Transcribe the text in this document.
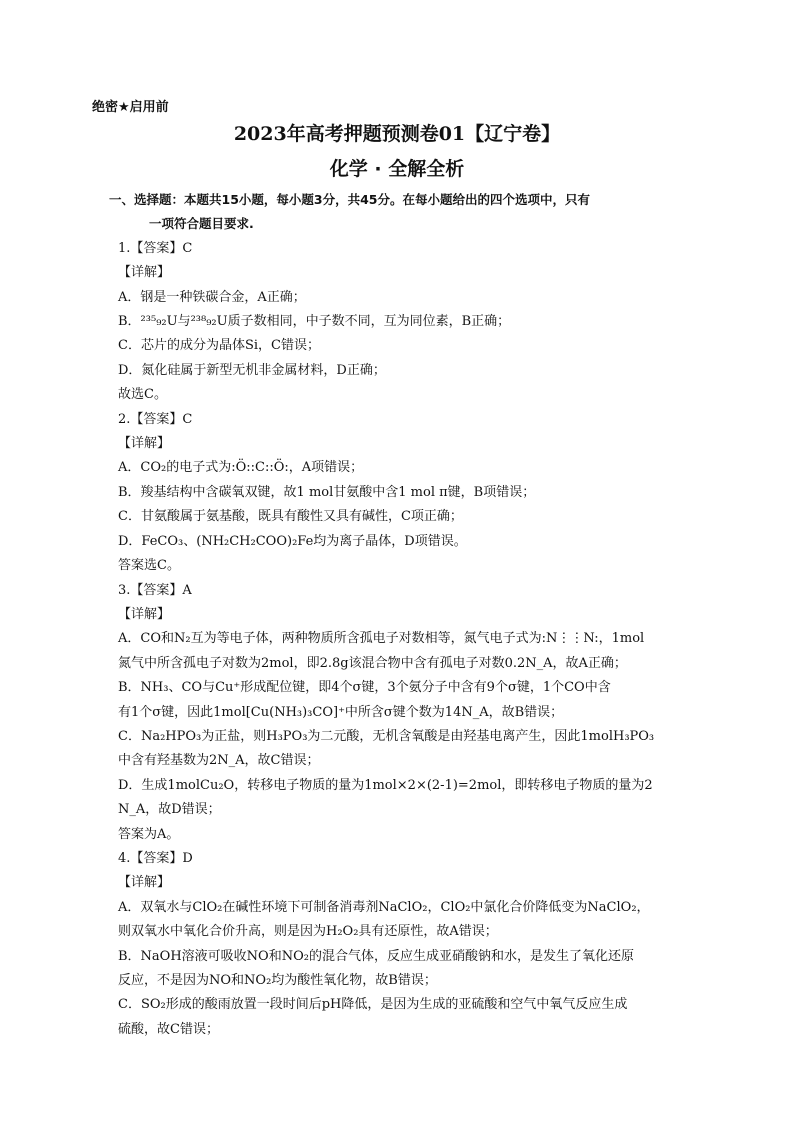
绝密★启用前
2023年高考押题预测卷01【辽宁卷】
化学 · 全解全析

一、选择题：本题共15小题，每小题3分，共45分。在每小题给出的四个选项中，只有

一项符合题目要求.

1.【答案】C

【详解】

A．钢是一种铁碳合金，A正确；

B．²³⁵₉₂U与²³⁸₉₂U质子数相同，中子数不同，互为同位素，B正确；

C．芯片的成分为晶体Si，C错误；

D．氮化硅属于新型无机非金属材料，D正确；

故选C。

2.【答案】C

【详解】

A．CO₂的电子式为:Ö::C::Ö:，A项错误；

B．羧基结构中含碳氧双键，故1 mol甘氨酸中含1 mol π键，B项错误；

C．甘氨酸属于氨基酸，既具有酸性又具有碱性，C项正确；

D．FeCO₃、(NH₂CH₂COO)₂Fe均为离子晶体，D项错误。

答案选C。

3.【答案】A

【详解】

A．CO和N₂互为等电子体，两种物质所含孤电子对数相等，氮气电子式为:N⋮⋮N:，1mol

氮气中所含孤电子对数为2mol，即2.8g该混合物中含有孤电子对数0.2N_A，故A正确；

B．NH₃、CO与Cu⁺形成配位键，即4个σ键，3个氨分子中含有9个σ键，1个CO中含

有1个σ键，因此1mol[Cu(NH₃)₃CO]⁺中所含σ键个数为14N_A，故B错误；

C．Na₂HPO₃为正盐，则H₃PO₃为二元酸，无机含氧酸是由羟基电离产生，因此1molH₃PO₃

中含有羟基数为2N_A，故C错误；

D．生成1molCu₂O，转移电子物质的量为1mol×2×(2-1)=2mol，即转移电子物质的量为2

N_A，故D错误；

答案为A。

4.【答案】D

【详解】

A．双氧水与ClO₂在碱性环境下可制备消毒剂NaClO₂，ClO₂中氯化合价降低变为NaClO₂，

则双氧水中氧化合价升高，则是因为H₂O₂具有还原性，故A错误；

B．NaOH溶液可吸收NO和NO₂的混合气体，反应生成亚硝酸钠和水，是发生了氧化还原

反应，不是因为NO和NO₂均为酸性氧化物，故B错误；

C．SO₂形成的酸雨放置一段时间后pH降低，是因为生成的亚硫酸和空气中氧气反应生成

硫酸，故C错误；
